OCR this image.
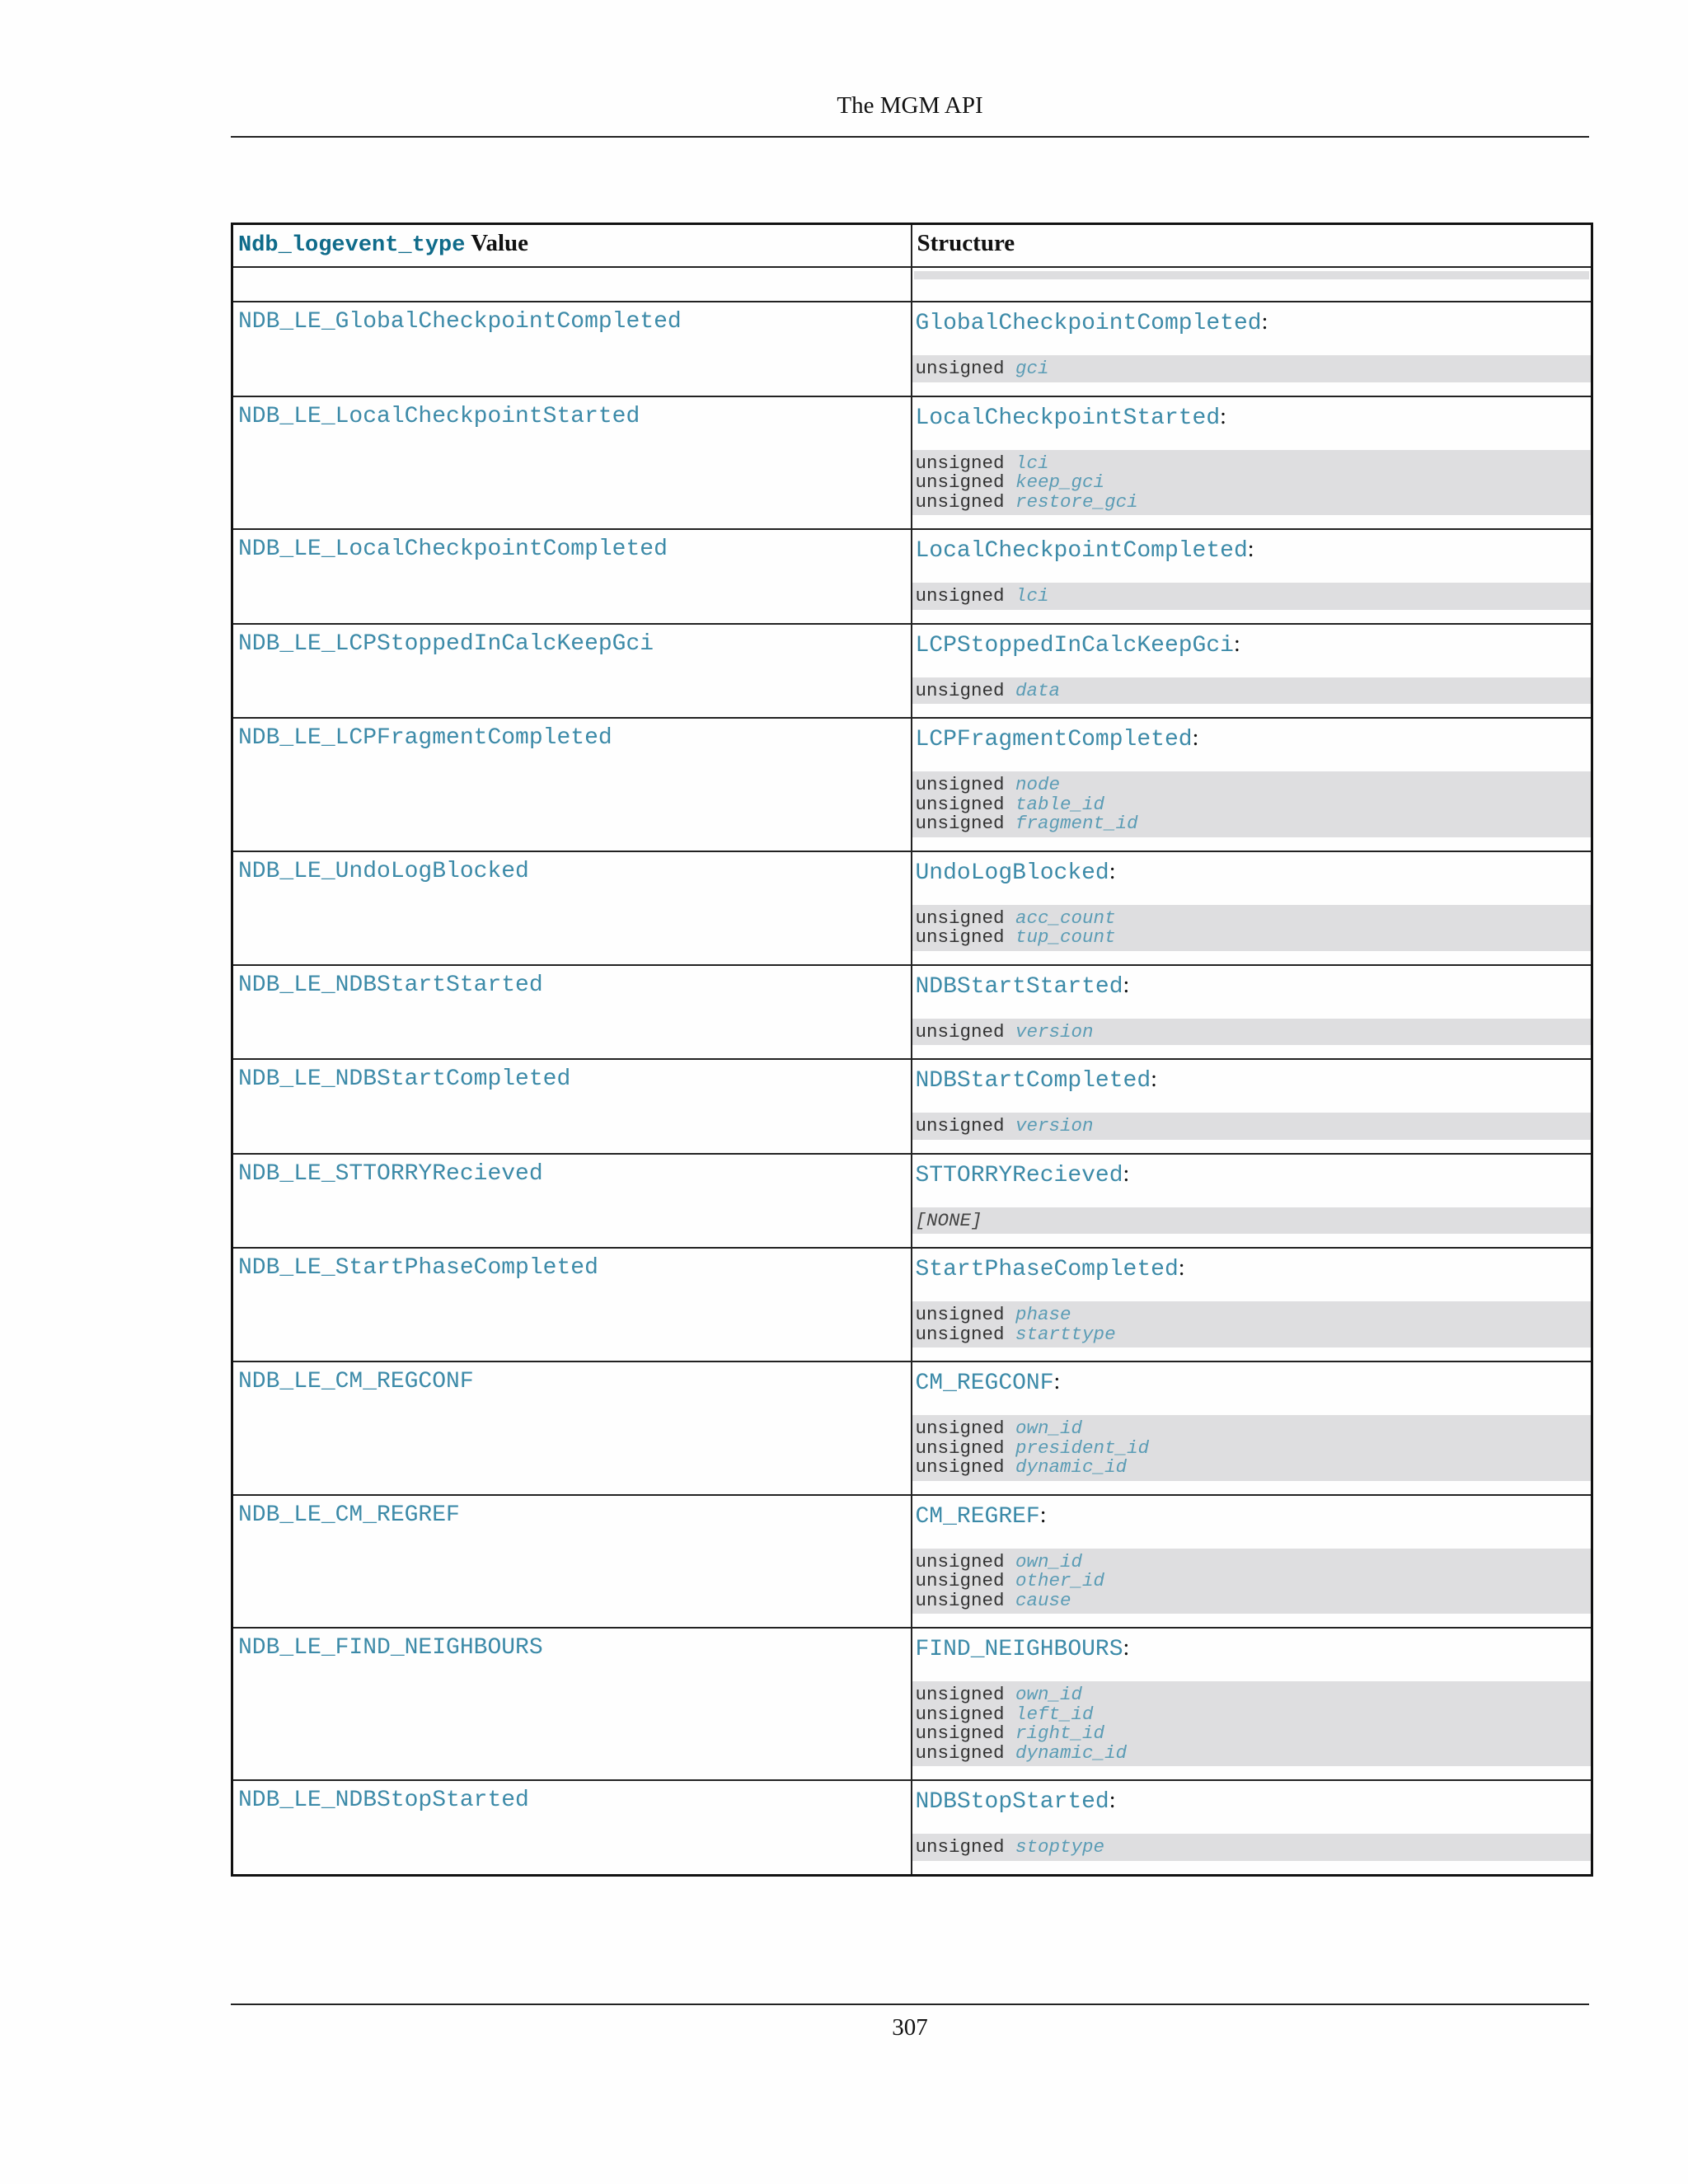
The MGM API
Ndb_logevent_type Value	Structure

NDB_LE_GlobalCheckpointCompleted	GlobalCheckpointCompleted:
unsigned gci

NDB_LE_LocalCheckpointStarted	LocalCheckpointStarted:
unsigned lci
unsigned keep_gci
unsigned restore_gci

NDB_LE_LocalCheckpointCompleted	LocalCheckpointCompleted:
unsigned lci

NDB_LE_LCPStoppedInCalcKeepGci	LCPStoppedInCalcKeepGci:
unsigned data

NDB_LE_LCPFragmentCompleted	LCPFragmentCompleted:
unsigned node
unsigned table_id
unsigned fragment_id

NDB_LE_UndoLogBlocked	UndoLogBlocked:
unsigned acc_count
unsigned tup_count

NDB_LE_NDBStartStarted	NDBStartStarted:
unsigned version

NDB_LE_NDBStartCompleted	NDBStartCompleted:
unsigned version

NDB_LE_STTORRYRecieved	STTORRYRecieved:
[NONE]

NDB_LE_StartPhaseCompleted	StartPhaseCompleted:
unsigned phase
unsigned starttype

NDB_LE_CM_REGCONF	CM_REGCONF:
unsigned own_id
unsigned president_id
unsigned dynamic_id

NDB_LE_CM_REGREF	CM_REGREF:
unsigned own_id
unsigned other_id
unsigned cause

NDB_LE_FIND_NEIGHBOURS	FIND_NEIGHBOURS:
unsigned own_id
unsigned left_id
unsigned right_id
unsigned dynamic_id

NDB_LE_NDBStopStarted	NDBStopStarted:
unsigned stoptype
307
